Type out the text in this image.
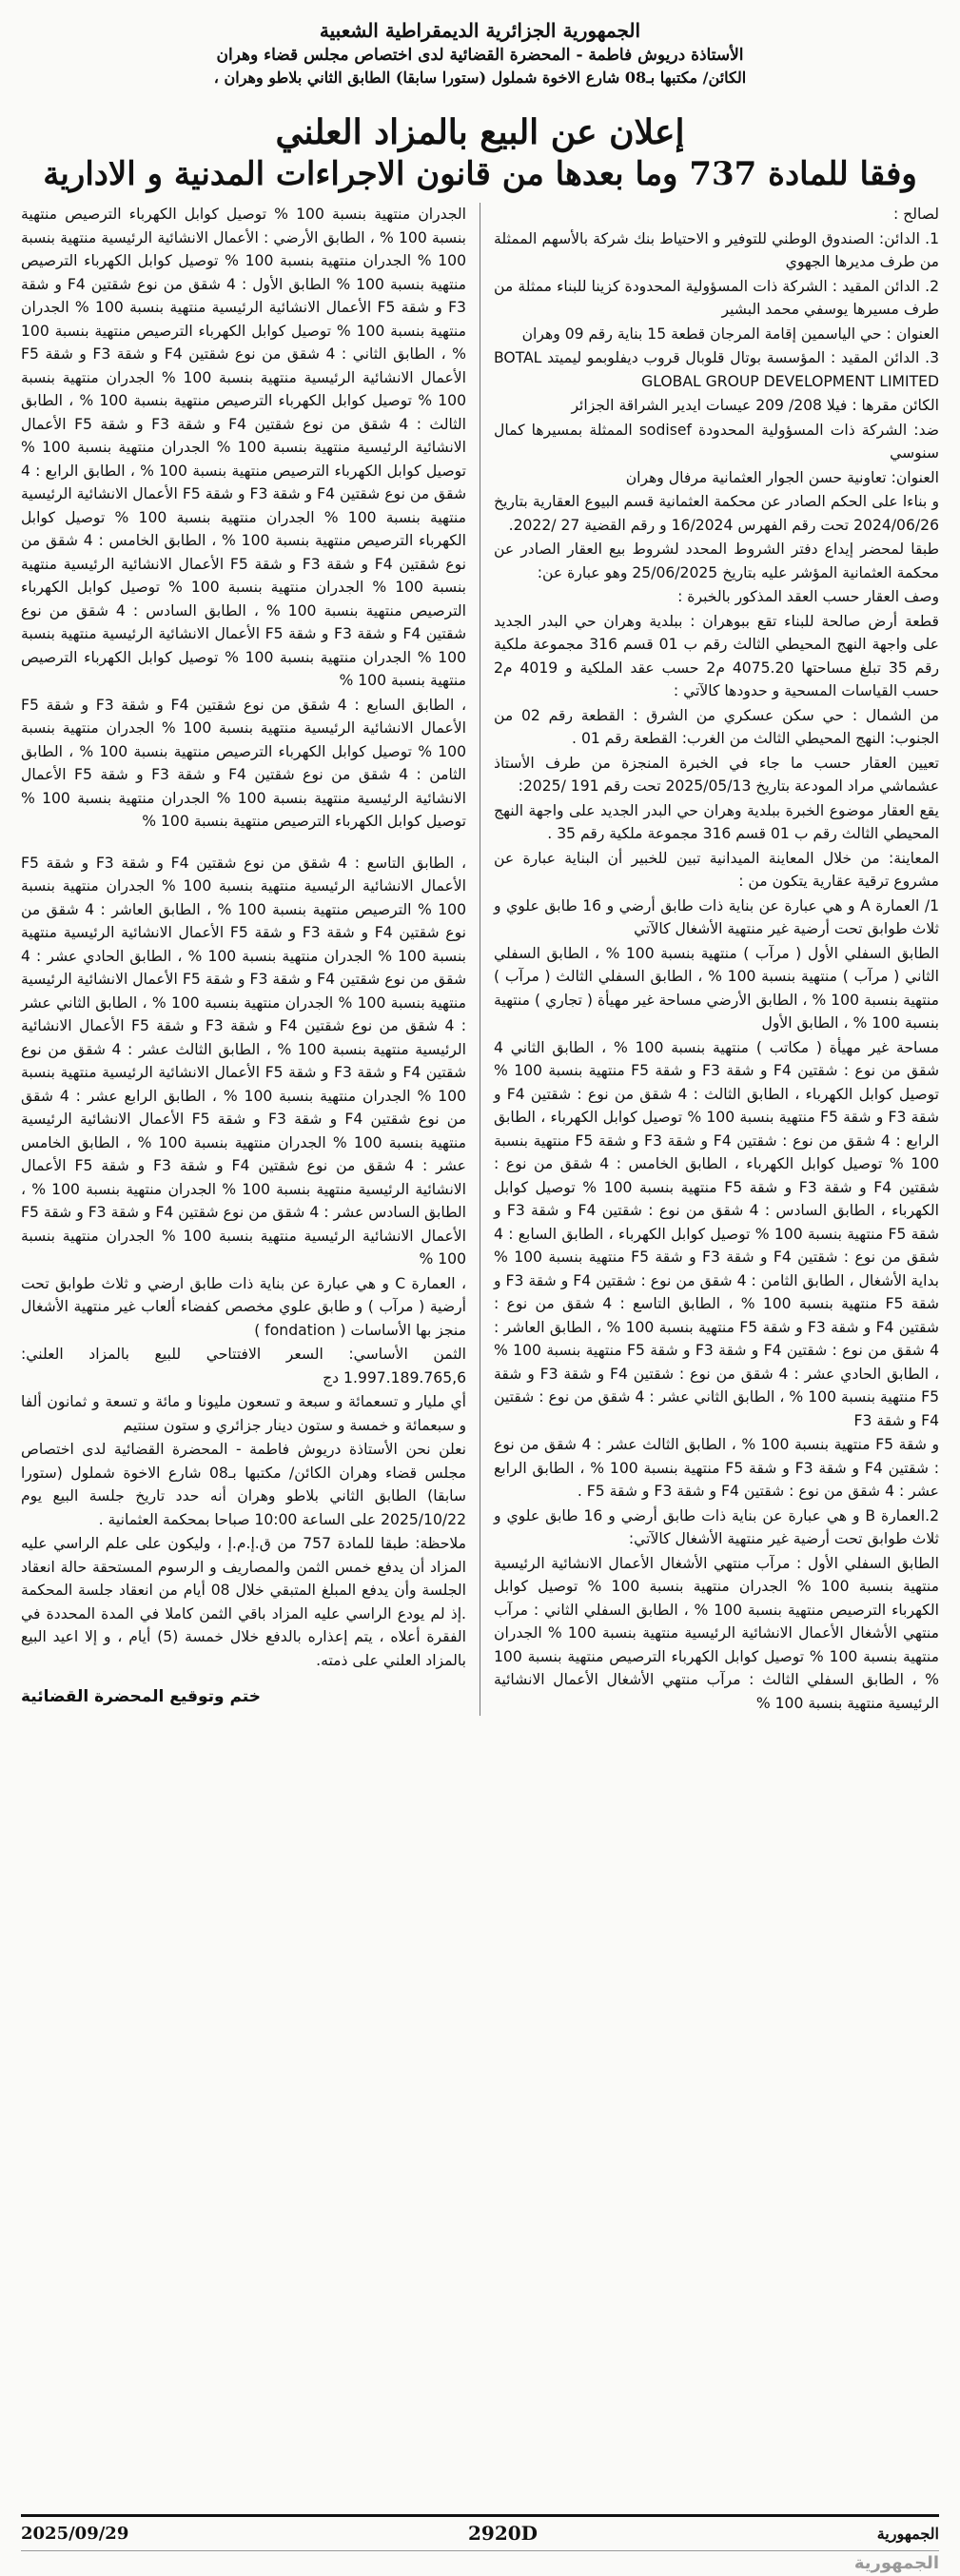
الجمهورية الجزائرية الديمقراطية الشعبية
الأستاذة دريوش فاطمة - المحضرة القضائية لدى اختصاص مجلس قضاء وهران
الكائن/ مكتبها بـ08 شارع الاخوة شملول (ستورا سابقا) الطابق الثاني بلاطو وهران ،
إعلان عن البيع بالمزاد العلني
وفقا للمادة 737 وما بعدها من قانون الاجراءات المدنية و الادارية

لصالح :

1. الدائن: الصندوق الوطني للتوفير و الاحتياط بنك شركة بالأسهم الممثلة من طرف مديرها الجهوي

2. الدائن المقيد : الشركة ذات المسؤولية المحدودة كزينا للبناء ممثلة من طرف مسيرها يوسفي محمد البشير

العنوان : حي الياسمين إقامة المرجان قطعة 15 بناية رقم 09 وهران

3. الدائن المقيد : المؤسسة بوتال قلوبال قروب ديفلوبمو ليميتد BOTAL GLOBAL GROUP DEVELOPMENT LIMITED

الكائن مقرها : فيلا 208/ 209 عيسات ايدير الشراقة الجزائر

ضد: الشركة ذات المسؤولية المحدودة sodisef الممثلة بمسيرها كمال سنوسي

العنوان: تعاونية حسن الجوار العثمانية مرفال وهران

و بناءا على الحكم الصادر عن محكمة العثمانية قسم البيوع العقارية بتاريخ 2024/06/26 تحت رقم الفهرس 16/2024 و رقم القضية 27 /2022.

طبقا لمحضر إيداع دفتر الشروط المحدد لشروط بيع العقار الصادر عن محكمة العثمانية المؤشر عليه بتاريخ 25/06/2025 وهو عبارة عن:

وصف العقار حسب العقد المذكور بالخبرة :

قطعة أرض صالحة للبناء تقع ببوهران : ببلدية وهران حي البدر الجديد على واجهة النهج المحيطي الثالث رقم ب 01 قسم 316 مجموعة ملكية رقم 35 تبلغ مساحتها 4075.20 م2 حسب عقد الملكية و 4019 م2 حسب القياسات المسحية و حدودها كالآتي :

من الشمال : حي سكن عسكري من الشرق : القطعة رقم 02 من الجنوب: النهج المحيطي الثالث من الغرب: القطعة رقم 01 .

تعيين العقار حسب ما جاء في الخبرة المنجزة من طرف الأستاذ عشماشي مراد المودعة بتاريخ 2025/05/13 تحت رقم 191 /2025:

يقع العقار موضوع الخبرة ببلدية وهران حي البدر الجديد على واجهة النهج المحيطي الثالث رقم ب 01 قسم 316 مجموعة ملكية رقم 35 .

المعاينة: من خلال المعاينة الميدانية تبين للخبير أن البناية عبارة عن مشروع ترقية عقارية يتكون من :

1/ العمارة A و هي عبارة عن بناية ذات طابق أرضي و 16 طابق علوي و ثلاث طوابق تحت أرضية غير منتهية الأشغال كالآتي

الطابق السفلي الأول ( مرآب ) منتهية بنسبة 100 % ، الطابق السفلي الثاني ( مرآب ) منتهية بنسبة 100 % ، الطابق السفلي الثالث ( مرآب ) منتهية بنسبة 100 % ، الطابق الأرضي مساحة غير مهيأة ( تجاري ) منتهية بنسبة 100 % ، الطابق الأول

مساحة غير مهيأة ( مكاتب ) منتهية بنسبة 100 % ، الطابق الثاني 4 شقق من نوع : شقتين F4 و شقة F3 و شقة F5 منتهية بنسبة 100 % توصيل كوابل الكهرباء ، الطابق الثالث : 4 شقق من نوع : شقتين F4 و شقة F3 و شقة F5 منتهية بنسبة 100 % توصيل كوابل الكهرباء ، الطابق الرابع : 4 شقق من نوع : شقتين F4 و شقة F3 و شقة F5 منتهية بنسبة 100 % توصيل كوابل الكهرباء ، الطابق الخامس : 4 شقق من نوع : شقتين F4 و شقة F3 و شقة F5 منتهية بنسبة 100 % توصيل كوابل الكهرباء ، الطابق السادس : 4 شقق من نوع : شقتين F4 و شقة F3 و شقة F5 منتهية بنسبة 100 % توصيل كوابل الكهرباء ، الطابق السابع : 4 شقق من نوع : شقتين F4 و شقة F3 و شقة F5 منتهية بنسبة 100 % بداية الأشغال ، الطابق الثامن : 4 شقق من نوع : شقتين F4 و شقة F3 و شقة F5 منتهية بنسبة 100 % ، الطابق التاسع : 4 شقق من نوع : شقتين F4 و شقة F3 و شقة F5 منتهية بنسبة 100 % ، الطابق العاشر : 4 شقق من نوع : شقتين F4 و شقة F3 و شقة F5 منتهية بنسبة 100 % ، الطابق الحادي عشر : 4 شقق من نوع : شقتين F4 و شقة F3 و شقة F5 منتهية بنسبة 100 % ، الطابق الثاني عشر : 4 شقق من نوع : شقتين F4 و شقة F3

و شقة F5 منتهية بنسبة 100 % ، الطابق الثالث عشر : 4 شقق من نوع : شقتين F4 و شقة F3 و شقة F5 منتهية بنسبة 100 % ، الطابق الرابع عشر : 4 شقق من نوع : شقتين F4 و شقة F3 و شقة F5 .

2.العمارة B و هي عبارة عن بناية ذات طابق أرضي و 16 طابق علوي و ثلاث طوابق تحت أرضية غير منتهية الأشغال كالآتي:

الطابق السفلي الأول : مرآب منتهي الأشغال الأعمال الانشائية الرئيسية منتهية بنسبة 100 % الجدران منتهية بنسبة 100 % توصيل كوابل الكهرباء الترصيص منتهية بنسبة 100 % ، الطابق السفلي الثاني : مرآب منتهي الأشغال الأعمال الانشائية الرئيسية منتهية بنسبة 100 % الجدران منتهية بنسبة 100 % توصيل كوابل الكهرباء الترصيص منتهية بنسبة 100 % ، الطابق السفلي الثالث : مرآب منتهي الأشغال الأعمال الانشائية الرئيسية منتهية بنسبة 100 %

الجدران منتهية بنسبة 100 % توصيل كوابل الكهرباء الترصيص منتهية بنسبة 100 % ، الطابق الأرضي : الأعمال الانشائية الرئيسية منتهية بنسبة 100 % الجدران منتهية بنسبة 100 % توصيل كوابل الكهرباء الترصيص منتهية بنسبة 100 % الطابق الأول : 4 شقق من نوع شقتين F4 و شقة F3 و شقة F5 الأعمال الانشائية الرئيسية منتهية بنسبة 100 % الجدران منتهية بنسبة 100 % توصيل كوابل الكهرباء الترصيص منتهية بنسبة 100 % ، الطابق الثاني : 4 شقق من نوع شقتين F4 و شقة F3 و شقة F5 الأعمال الانشائية الرئيسية منتهية بنسبة 100 % الجدران منتهية بنسبة 100 % توصيل كوابل الكهرباء الترصيص منتهية بنسبة 100 % ، الطابق الثالث : 4 شقق من نوع شقتين F4 و شقة F3 و شقة F5 الأعمال الانشائية الرئيسية منتهية بنسبة 100 % الجدران منتهية بنسبة 100 % توصيل كوابل الكهرباء الترصيص منتهية بنسبة 100 % ، الطابق الرابع : 4 شقق من نوع شقتين F4 و شقة F3 و شقة F5 الأعمال الانشائية الرئيسية منتهية بنسبة 100 % الجدران منتهية بنسبة 100 % توصيل كوابل الكهرباء الترصيص منتهية بنسبة 100 % ، الطابق الخامس : 4 شقق من نوع شقتين F4 و شقة F3 و شقة F5 الأعمال الانشائية الرئيسية منتهية بنسبة 100 % الجدران منتهية بنسبة 100 % توصيل كوابل الكهرباء الترصيص منتهية بنسبة 100 % ، الطابق السادس : 4 شقق من نوع شقتين F4 و شقة F3 و شقة F5 الأعمال الانشائية الرئيسية منتهية بنسبة 100 % الجدران منتهية بنسبة 100 % توصيل كوابل الكهرباء الترصيص منتهية بنسبة 100 %

، الطابق السابع : 4 شقق من نوع شقتين F4 و شقة F3 و شقة F5 الأعمال الانشائية الرئيسية منتهية بنسبة 100 % الجدران منتهية بنسبة 100 % توصيل كوابل الكهرباء الترصيص منتهية بنسبة 100 % ، الطابق الثامن : 4 شقق من نوع شقتين F4 و شقة F3 و شقة F5 الأعمال الانشائية الرئيسية منتهية بنسبة 100 % الجدران منتهية بنسبة 100 % توصيل كوابل الكهرباء الترصيص منتهية بنسبة 100 %

، الطابق التاسع : 4 شقق من نوع شقتين F4 و شقة F3 و شقة F5 الأعمال الانشائية الرئيسية منتهية بنسبة 100 % الجدران منتهية بنسبة 100 % الترصيص منتهية بنسبة 100 % ، الطابق العاشر : 4 شقق من نوع شقتين F4 و شقة F3 و شقة F5 الأعمال الانشائية الرئيسية منتهية بنسبة 100 % الجدران منتهية بنسبة 100 % ، الطابق الحادي عشر : 4 شقق من نوع شقتين F4 و شقة F3 و شقة F5 الأعمال الانشائية الرئيسية منتهية بنسبة 100 % الجدران منتهية بنسبة 100 % ، الطابق الثاني عشر : 4 شقق من نوع شقتين F4 و شقة F3 و شقة F5 الأعمال الانشائية الرئيسية منتهية بنسبة 100 % ، الطابق الثالث عشر : 4 شقق من نوع شقتين F4 و شقة F3 و شقة F5 الأعمال الانشائية الرئيسية منتهية بنسبة 100 % الجدران منتهية بنسبة 100 % ، الطابق الرابع عشر : 4 شقق من نوع شقتين F4 و شقة F3 و شقة F5 الأعمال الانشائية الرئيسية منتهية بنسبة 100 % الجدران منتهية بنسبة 100 % ، الطابق الخامس عشر : 4 شقق من نوع شقتين F4 و شقة F3 و شقة F5 الأعمال الانشائية الرئيسية منتهية بنسبة 100 % الجدران منتهية بنسبة 100 % ، الطابق السادس عشر : 4 شقق من نوع شقتين F4 و شقة F3 و شقة F5 الأعمال الانشائية الرئيسية منتهية بنسبة 100 % الجدران منتهية بنسبة 100 %

، العمارة C و هي عبارة عن بناية ذات طابق ارضي و ثلاث طوابق تحت أرضية ( مرآب ) و طابق علوي مخصص كفضاء ألعاب غير منتهية الأشغال منجز بها الأساسات ( fondation )

الثمن الأساسي: السعر الافتتاحي للبيع بالمزاد العلني: 1.997.189.765,6 دج

أي مليار و تسعمائة و سبعة و تسعون مليونا و مائة و تسعة و ثمانون ألفا و سبعمائة و خمسة و ستون دينار جزائري و ستون سنتيم

نعلن نحن الأستاذة دريوش فاطمة - المحضرة القضائية لدى اختصاص مجلس قضاء وهران الكائن/ مكتبها بـ08 شارع الاخوة شملول (ستورا سابقا) الطابق الثاني بلاطو وهران أنه حدد تاريخ جلسة البيع يوم 2025/10/22 على الساعة 10:00 صباحا بمحكمة العثمانية .

ملاحظة: طبقا للمادة 757 من ق.إ.م.إ ، وليكون على علم الراسي عليه المزاد أن يدفع خمس الثمن والمصاريف و الرسوم المستحقة حالة انعقاد الجلسة وأن يدفع المبلغ المتبقي خلال 08 أيام من انعقاد جلسة المحكمة .إذ لم يودع الراسي عليه المزاد باقي الثمن كاملا في المدة المحددة في الفقرة أعلاه ، يتم إعذاره بالدفع خلال خمسة (5) أيام ، و إلا اعيد البيع بالمزاد العلني على ذمته.

ختم وتوقيع المحضرة القضائية
الجمهورية
2920D
2025/09/29
الجمهورية
